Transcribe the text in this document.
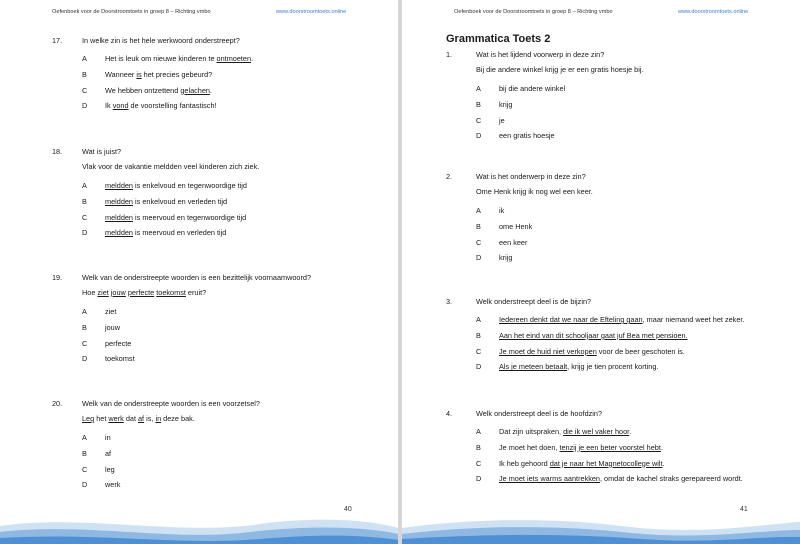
Oefenboek voor de Doorstroomtoets in groep 8 – Richting vmbo	www.doorstroomtoets.online
17.	In welke zin is het hele werkwoord onderstreept?
A Het is leuk om nieuwe kinderen te ontmoeten.
B Wanneer is het precies gebeurd?
C We hebben ontzettend gelachen.
D Ik vond de voorstelling fantastisch!
18.	Wat is juist?
Vlak voor de vakantie meldden veel kinderen zich ziek.
A meldden is enkelvoud en tegenwoordige tijd
B meldden is enkelvoud en verleden tijd
C meldden is meervoud en tegenwoordige tijd
D meldden is meervoud en verleden tijd
19.	Welk van de onderstreepte woorden is een bezittelijk voornaamwoord?
Hoe ziet jouw perfecte toekomst eruit?
A ziet
B jouw
C perfecte
D toekomst
20.	Welk van de onderstreepte woorden is een voorzetsel?
Leg het werk dat af is, in deze bak.
A in
B af
C leg
D werk
40
Oefenboek voor de Doorstroomtoets in groep 8 – Richting vmbo	www.doorstroomtoets.online
Grammatica Toets 2
1.	Wat is het lijdend voorwerp in deze zin?
Bij die andere winkel krijg je er een gratis hoesje bij.
A bij die andere winkel
B krijg
C je
D een gratis hoesje
2.	Wat is het onderwerp in deze zin?
Ome Henk krijg ik nog wel een keer.
A ik
B ome Henk
C een keer
D krijg
3.	Welk onderstreept deel is de bijzin?
A Iedereen denkt dat we naar de Efteling gaan, maar niemand weet het zeker.
B Aan het eind van dit schooljaar gaat juf Bea met pensioen.
C Je moet de huid niet verkopen voor de beer geschoten is.
D Als je meteen betaalt, krijg je tien procent korting.
4.	Welk onderstreept deel is de hoofdzin?
A Dat zijn uitspraken, die ik wel vaker hoor.
B Je moet het doen, tenzij je een beter voorstel hebt.
C Ik heb gehoord dat je naar het Magnetocollege wilt.
D Je moet iets warms aantrekken, omdat de kachel straks gerepareerd wordt.
41
